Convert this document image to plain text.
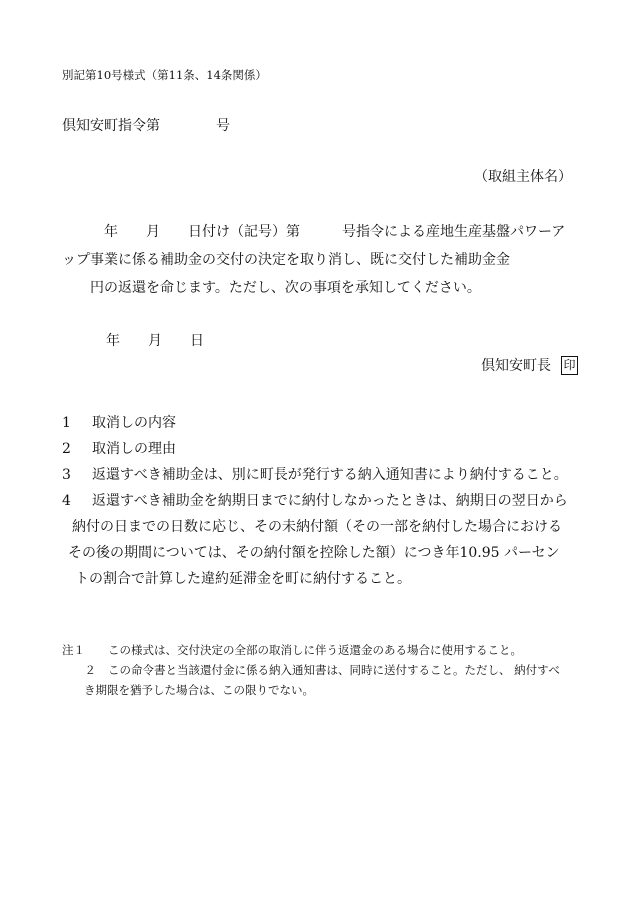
別記第10号様式（第11条、14条関係）
倶知安町指令第　　　　号
（取組主体名）
　　　年　　月　　日付け（記号）第　　　号指令による産地生産基盤パワーア
ップ事業に係る補助金の交付の決定を取り消し、既に交付した補助金金
　　円の返還を命じます。ただし、次の事項を承知してください。
年　　月　　日
倶知安町長 印
1	取消しの内容
2	取消しの理由
3	返還すべき補助金は、別に町長が発行する納入通知書により納付すること。
4	返還すべき補助金を納期日までに納付しなかったときは、納期日の翌日から
納付の日までの日数に応じ、その未納付額（その一部を納付した場合における
その後の期間については、その納付額を控除した額）につき年10.95 パーセン
トの割合で計算した違約延滞金を町に納付すること。
注１	この様式は、交付決定の全部の取消しに伴う返還金のある場合に使用すること。
２	この命令書と当該還付金に係る納入通知書は、同時に送付すること。ただし、 納付すべ
き期限を猶予した場合は、この限りでない。
